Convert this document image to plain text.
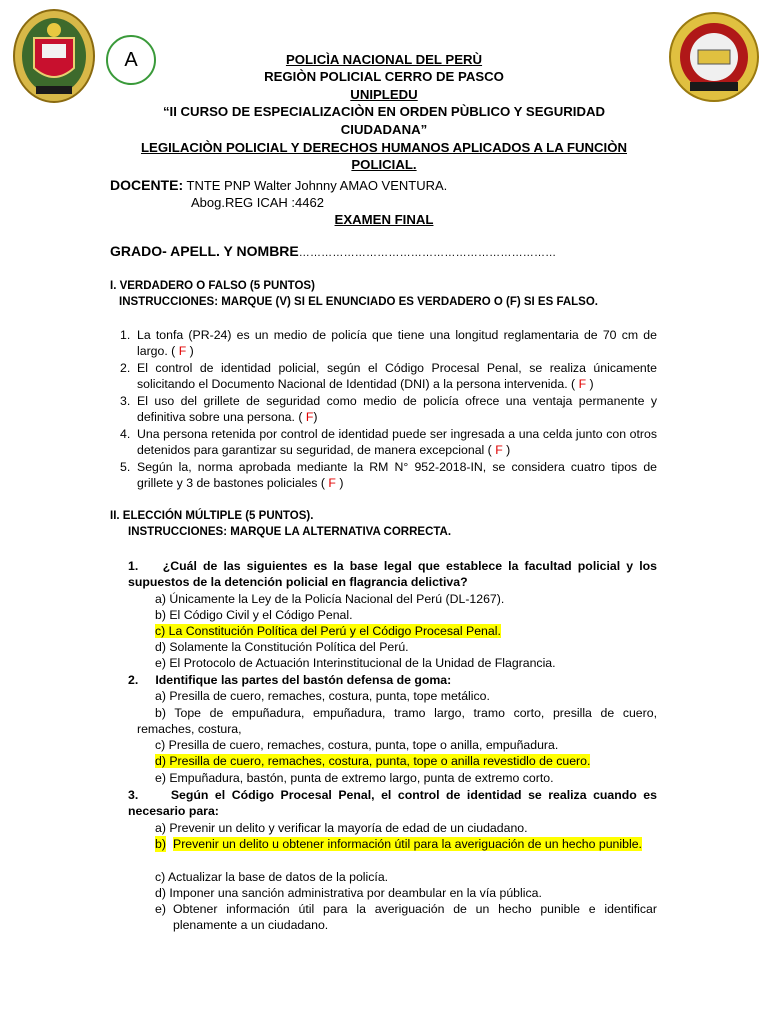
A	POLICÌA NACIONAL DEL PERÙ
REGIÒN POLICIAL CERRO DE PASCO
UNIPLEDU
“II CURSO DE ESPECIALIZACIÒN EN ORDEN PÙBLICO Y SEGURIDAD
CIUDADANA”
LEGILACIÒN POLICIAL Y DERECHOS HUMANOS APLICADOS A LA FUNCIÒN
POLICIAL.
DOCENTE: TNTE PNP Walter Johnny AMAO VENTURA.
Abog.REG ICAH :4462
EXAMEN FINAL
GRADO- APELL. Y NOMBRE……………………………………………………………
I. VERDADERO O FALSO (5 PUNTOS)
INSTRUCCIONES: MARQUE (V) SI EL ENUNCIADO ES VERDADERO O (F) SI ES FALSO.
1. La tonfa (PR-24) es un medio de policía que tiene una longitud reglamentaria de 70 cm de largo. ( F )
2. El control de identidad policial, según el Código Procesal Penal, se realiza únicamente solicitando el Documento Nacional de Identidad (DNI) a la persona intervenida. ( F )
3. El uso del grillete de seguridad como medio de policía ofrece una ventaja permanente y definitiva sobre una persona. ( F)
4. Una persona retenida por control de identidad puede ser ingresada a una celda junto con otros detenidos para garantizar su seguridad, de manera excepcional ( F )
5. Según la, norma aprobada mediante la RM N° 952-2018-IN, se considera cuatro tipos de grillete y 3 de bastones policiales ( F )
II. ELECCIÓN MÚLTIPLE (5 PUNTOS).
INSTRUCCIONES: MARQUE LA ALTERNATIVA CORRECTA.
1. ¿Cuál de las siguientes es la base legal que establece la facultad policial y los supuestos de la detención policial en flagrancia delictiva?
a) Únicamente la Ley de la Policía Nacional del Perú (DL-1267).
b) El Código Civil y el Código Penal.
c) La Constitución Política del Perú y el Código Procesal Penal.
d) Solamente la Constitución Política del Perú.
e) El Protocolo de Actuación Interinstitucional de la Unidad de Flagrancia.
2. Identifique las partes del bastón defensa de goma:
a) Presilla de cuero, remaches, costura, punta, tope metálico.
b) Tope de empuñadura, empuñadura, tramo largo, tramo corto, presilla de cuero, remaches, costura,
c) Presilla de cuero, remaches, costura, punta, tope o anilla, empuñadura.
d) Presilla de cuero, remaches, costura, punta, tope o anilla revestidlo de cuero.
e) Empuñadura, bastón, punta de extremo largo, punta de extremo corto.
3.	Según el Código Procesal Penal, el control de identidad se realiza cuando es necesario para:
a) Prevenir un delito y verificar la mayoría de edad de un ciudadano.
b) Prevenir un delito u obtener información útil para la averiguación de un hecho punible.
c) Actualizar la base de datos de la policía.
d) Imponer una sanción administrativa por deambular en la vía pública.
e) Obtener información útil para la averiguación de un hecho punible e identificar plenamente a un ciudadano.
